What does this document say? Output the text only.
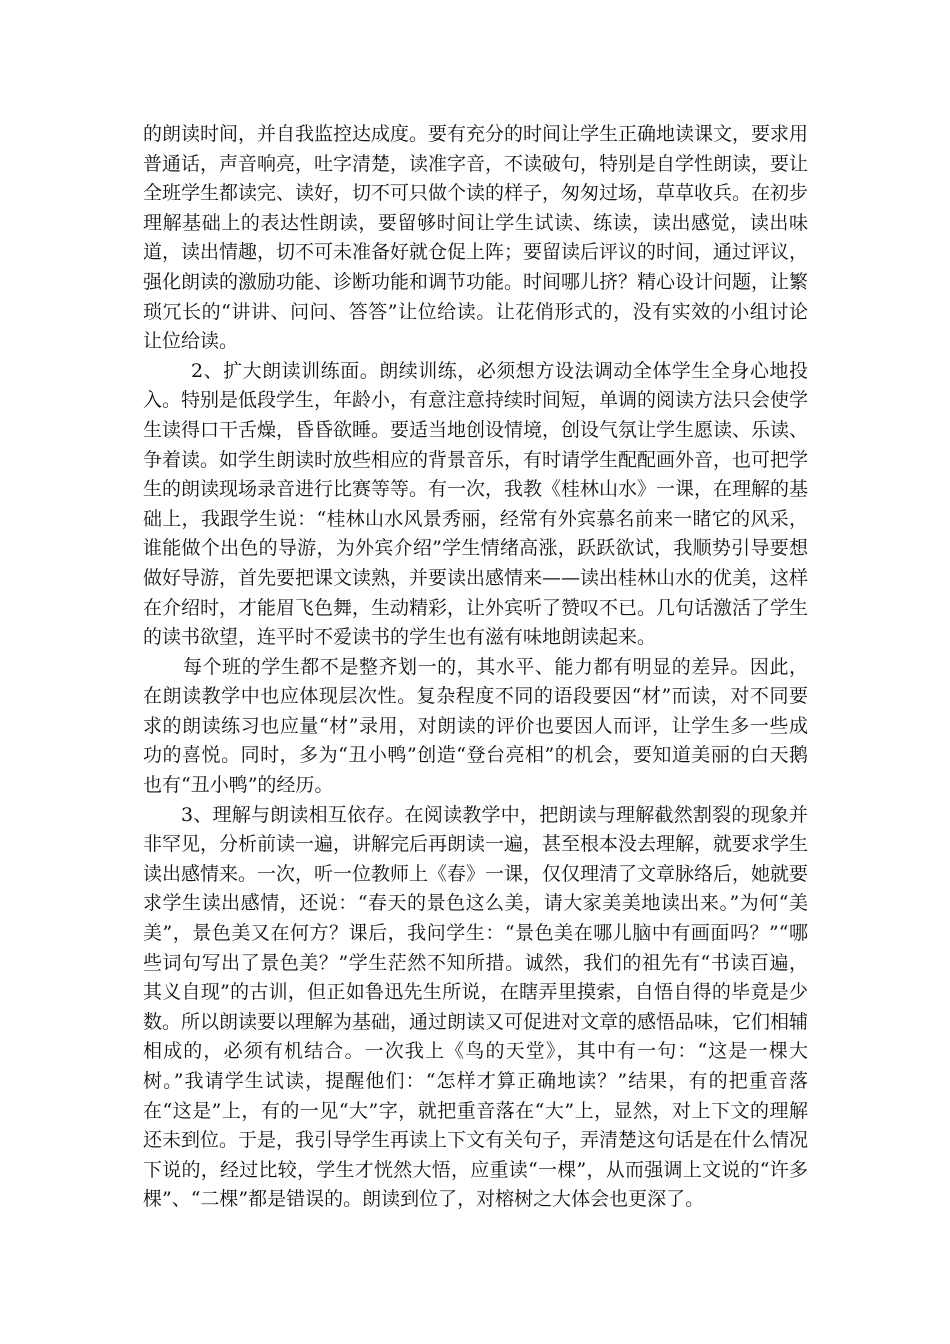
的朗读时间，并自我监控达成度。要有充分的时间让学生正确地读课文，要求用普通话，声音响亮，吐字清楚，读准字音，不读破句，特别是自学性朗读，要让全班学生都读完、读好，切不可只做个读的样子，匆匆过场，草草收兵。在初步理解基础上的表达性朗读，要留够时间让学生试读、练读，读出感觉，读出味道，读出情趣，切不可未准备好就仓促上阵；要留读后评议的时间，通过评议，强化朗读的激励功能、诊断功能和调节功能。时间哪儿挤？精心设计问题，让繁琐冗长的“讲讲、问问、答答”让位给读。让花俏形式的，没有实效的小组讨论让位给读。

2、扩大朗读训练面。朗续训练，必须想方设法调动全体学生全身心地投入。特别是低段学生，年龄小，有意注意持续时间短，单调的阅读方法只会使学生读得口干舌燥，昏昏欲睡。要适当地创设情境，创设气氛让学生愿读、乐读、争着读。如学生朗读时放些相应的背景音乐，有时请学生配配画外音，也可把学生的朗读现场录音进行比赛等等。有一次，我教《桂林山水》一课，在理解的基础上，我跟学生说：“桂林山水风景秀丽，经常有外宾慕名前来一睹它的风采，谁能做个出色的导游，为外宾介绍”学生情绪高涨，跃跃欲试，我顺势引导要想做好导游，首先要把课文读熟，并要读出感情来——读出桂林山水的优美，这样在介绍时，才能眉飞色舞，生动精彩，让外宾听了赞叹不已。几句话激活了学生的读书欲望，连平时不爱读书的学生也有滋有味地朗读起来。

每个班的学生都不是整齐划一的，其水平、能力都有明显的差异。因此，在朗读教学中也应体现层次性。复杂程度不同的语段要因“材”而读，对不同要求的朗读练习也应量“材”录用，对朗读的评价也要因人而评，让学生多一些成功的喜悦。同时，多为“丑小鸭”创造“登台亮相”的机会，要知道美丽的白天鹅也有“丑小鸭”的经历。

3、理解与朗读相互依存。在阅读教学中，把朗读与理解截然割裂的现象并非罕见，分析前读一遍，讲解完后再朗读一遍，甚至根本没去理解，就要求学生读出感情来。一次，听一位教师上《春》一课，仅仅理清了文章脉络后，她就要求学生读出感情，还说：“春天的景色这么美，请大家美美地读出来。”为何“美美”，景色美又在何方？课后，我问学生：“景色美在哪儿脑中有画面吗？”“哪些词句写出了景色美？”学生茫然不知所措。诚然，我们的祖先有“书读百遍，其义自现”的古训，但正如鲁迅先生所说，在瞎弄里摸索，自悟自得的毕竟是少数。所以朗读要以理解为基础，通过朗读又可促进对文章的感悟品味，它们相辅相成的，必须有机结合。一次我上《鸟的天堂》，其中有一句：“这是一棵大树。”我请学生试读，提醒他们：“怎样才算正确地读？”结果，有的把重音落在“这是”上，有的一见“大”字，就把重音落在“大”上，显然，对上下文的理解还未到位。于是，我引导学生再读上下文有关句子，弄清楚这句话是在什么情况下说的，经过比较，学生才恍然大悟，应重读“一棵”，从而强调上文说的“许多棵”、“二棵”都是错误的。朗读到位了，对榕树之大体会也更深了。
